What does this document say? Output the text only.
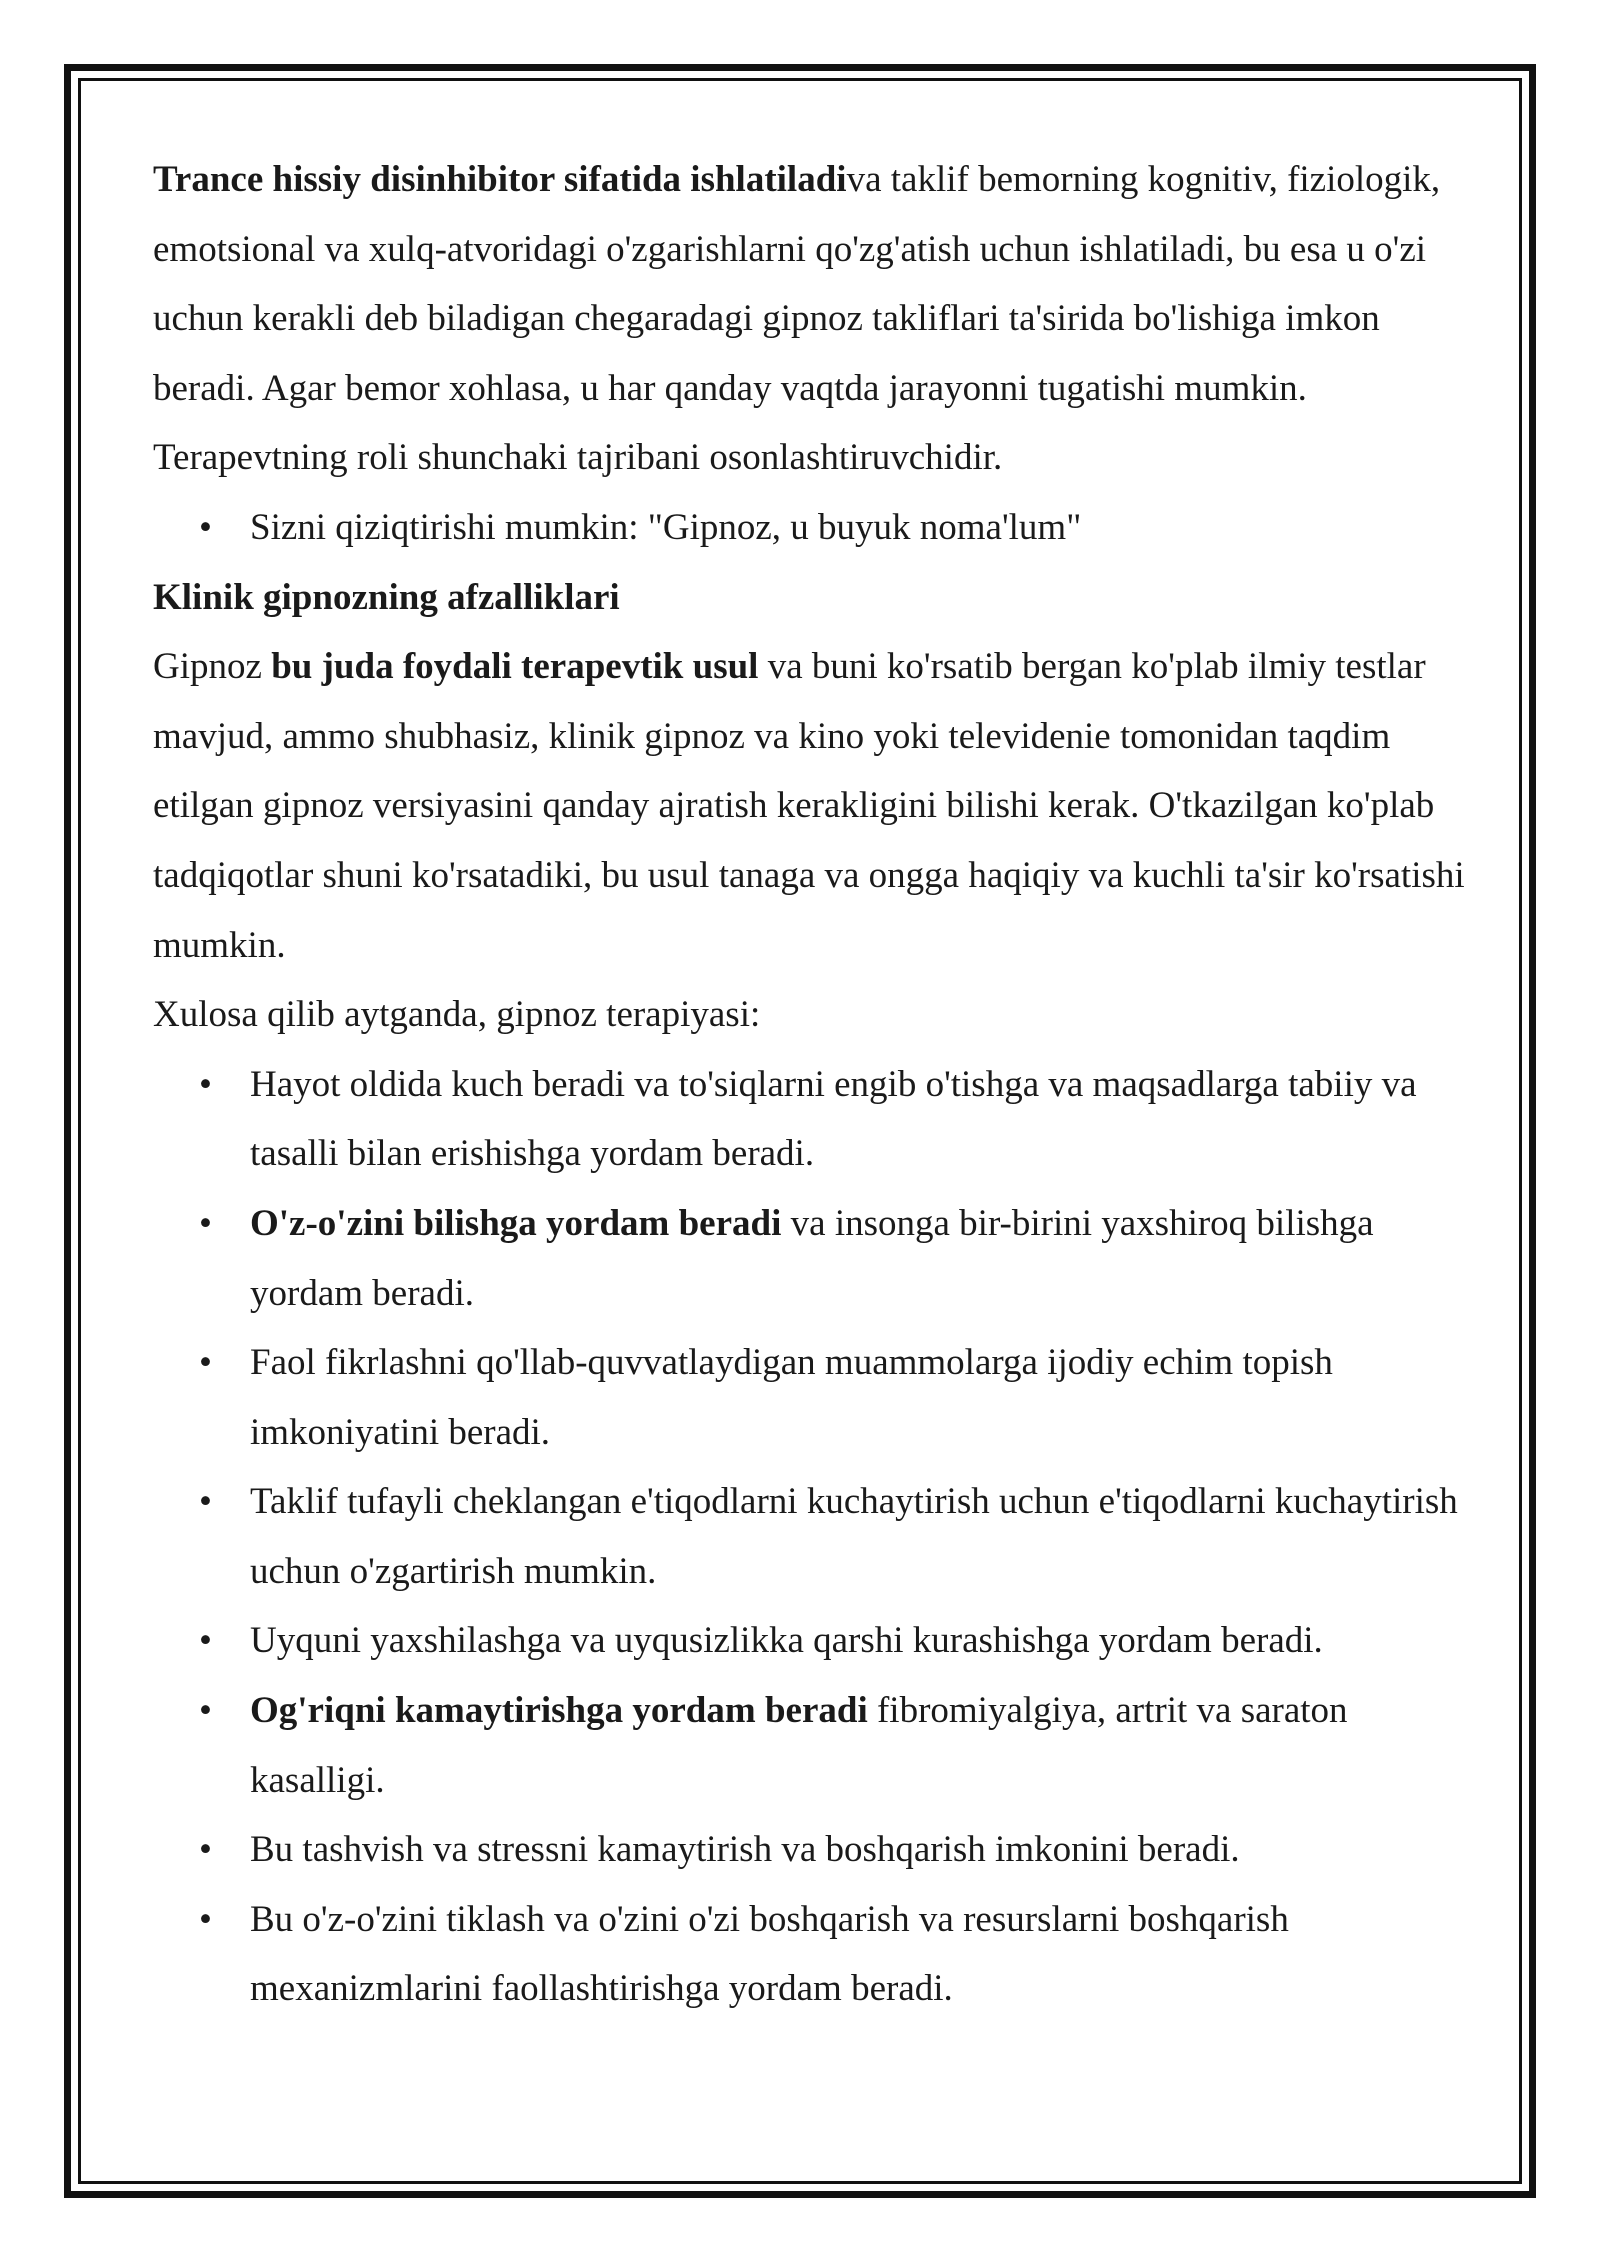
Trance hissiy disinhibitor sifatida ishlatiladiva taklif bemorning kognitiv, fiziologik, emotsional va xulq-atvoridagi o'zgarishlarni qo'zg'atish uchun ishlatiladi, bu esa u o'zi uchun kerakli deb biladigan chegaradagi gipnoz takliflari ta'sirida bo'lishiga imkon beradi. Agar bemor xohlasa, u har qanday vaqtda jarayonni tugatishi mumkin. Terapevtning roli shunchaki tajribani osonlashtiruvchidir.

• Sizni qiziqtirishi mumkin: "Gipnoz, u buyuk noma'lum"

Klinik gipnozning afzalliklari

Gipnoz bu juda foydali terapevtik usul va buni ko'rsatib bergan ko'plab ilmiy testlar mavjud, ammo shubhasiz, klinik gipnoz va kino yoki televidenie tomonidan taqdim etilgan gipnoz versiyasini qanday ajratish kerakligini bilishi kerak. O'tkazilgan ko'plab tadqiqotlar shuni ko'rsatadiki, bu usul tanaga va ongga haqiqiy va kuchli ta'sir ko'rsatishi mumkin.

Xulosa qilib aytganda, gipnoz terapiyasi:

• Hayot oldida kuch beradi va to'siqlarni engib o'tishga va maqsadlarga tabiiy va tasalli bilan erishishga yordam beradi.
• O'z-o'zini bilishga yordam beradi va insonga bir-birini yaxshiroq bilishga yordam beradi.
• Faol fikrlashni qo'llab-quvvatlaydigan muammolarga ijodiy echim topish imkoniyatini beradi.
• Taklif tufayli cheklangan e'tiqodlarni kuchaytirish uchun e'tiqodlarni kuchaytirish uchun o'zgartirish mumkin.
• Uyquni yaxshilashga va uyqusizlikka qarshi kurashishga yordam beradi.
• Og'riqni kamaytirishga yordam beradi fibromiyalgiya, artrit va saraton kasalligi.
• Bu tashvish va stressni kamaytirish va boshqarish imkonini beradi.
• Bu o'z-o'zini tiklash va o'zini o'zi boshqarish va resurslarni boshqarish mexanizmlarini faollashtirishga yordam beradi.
